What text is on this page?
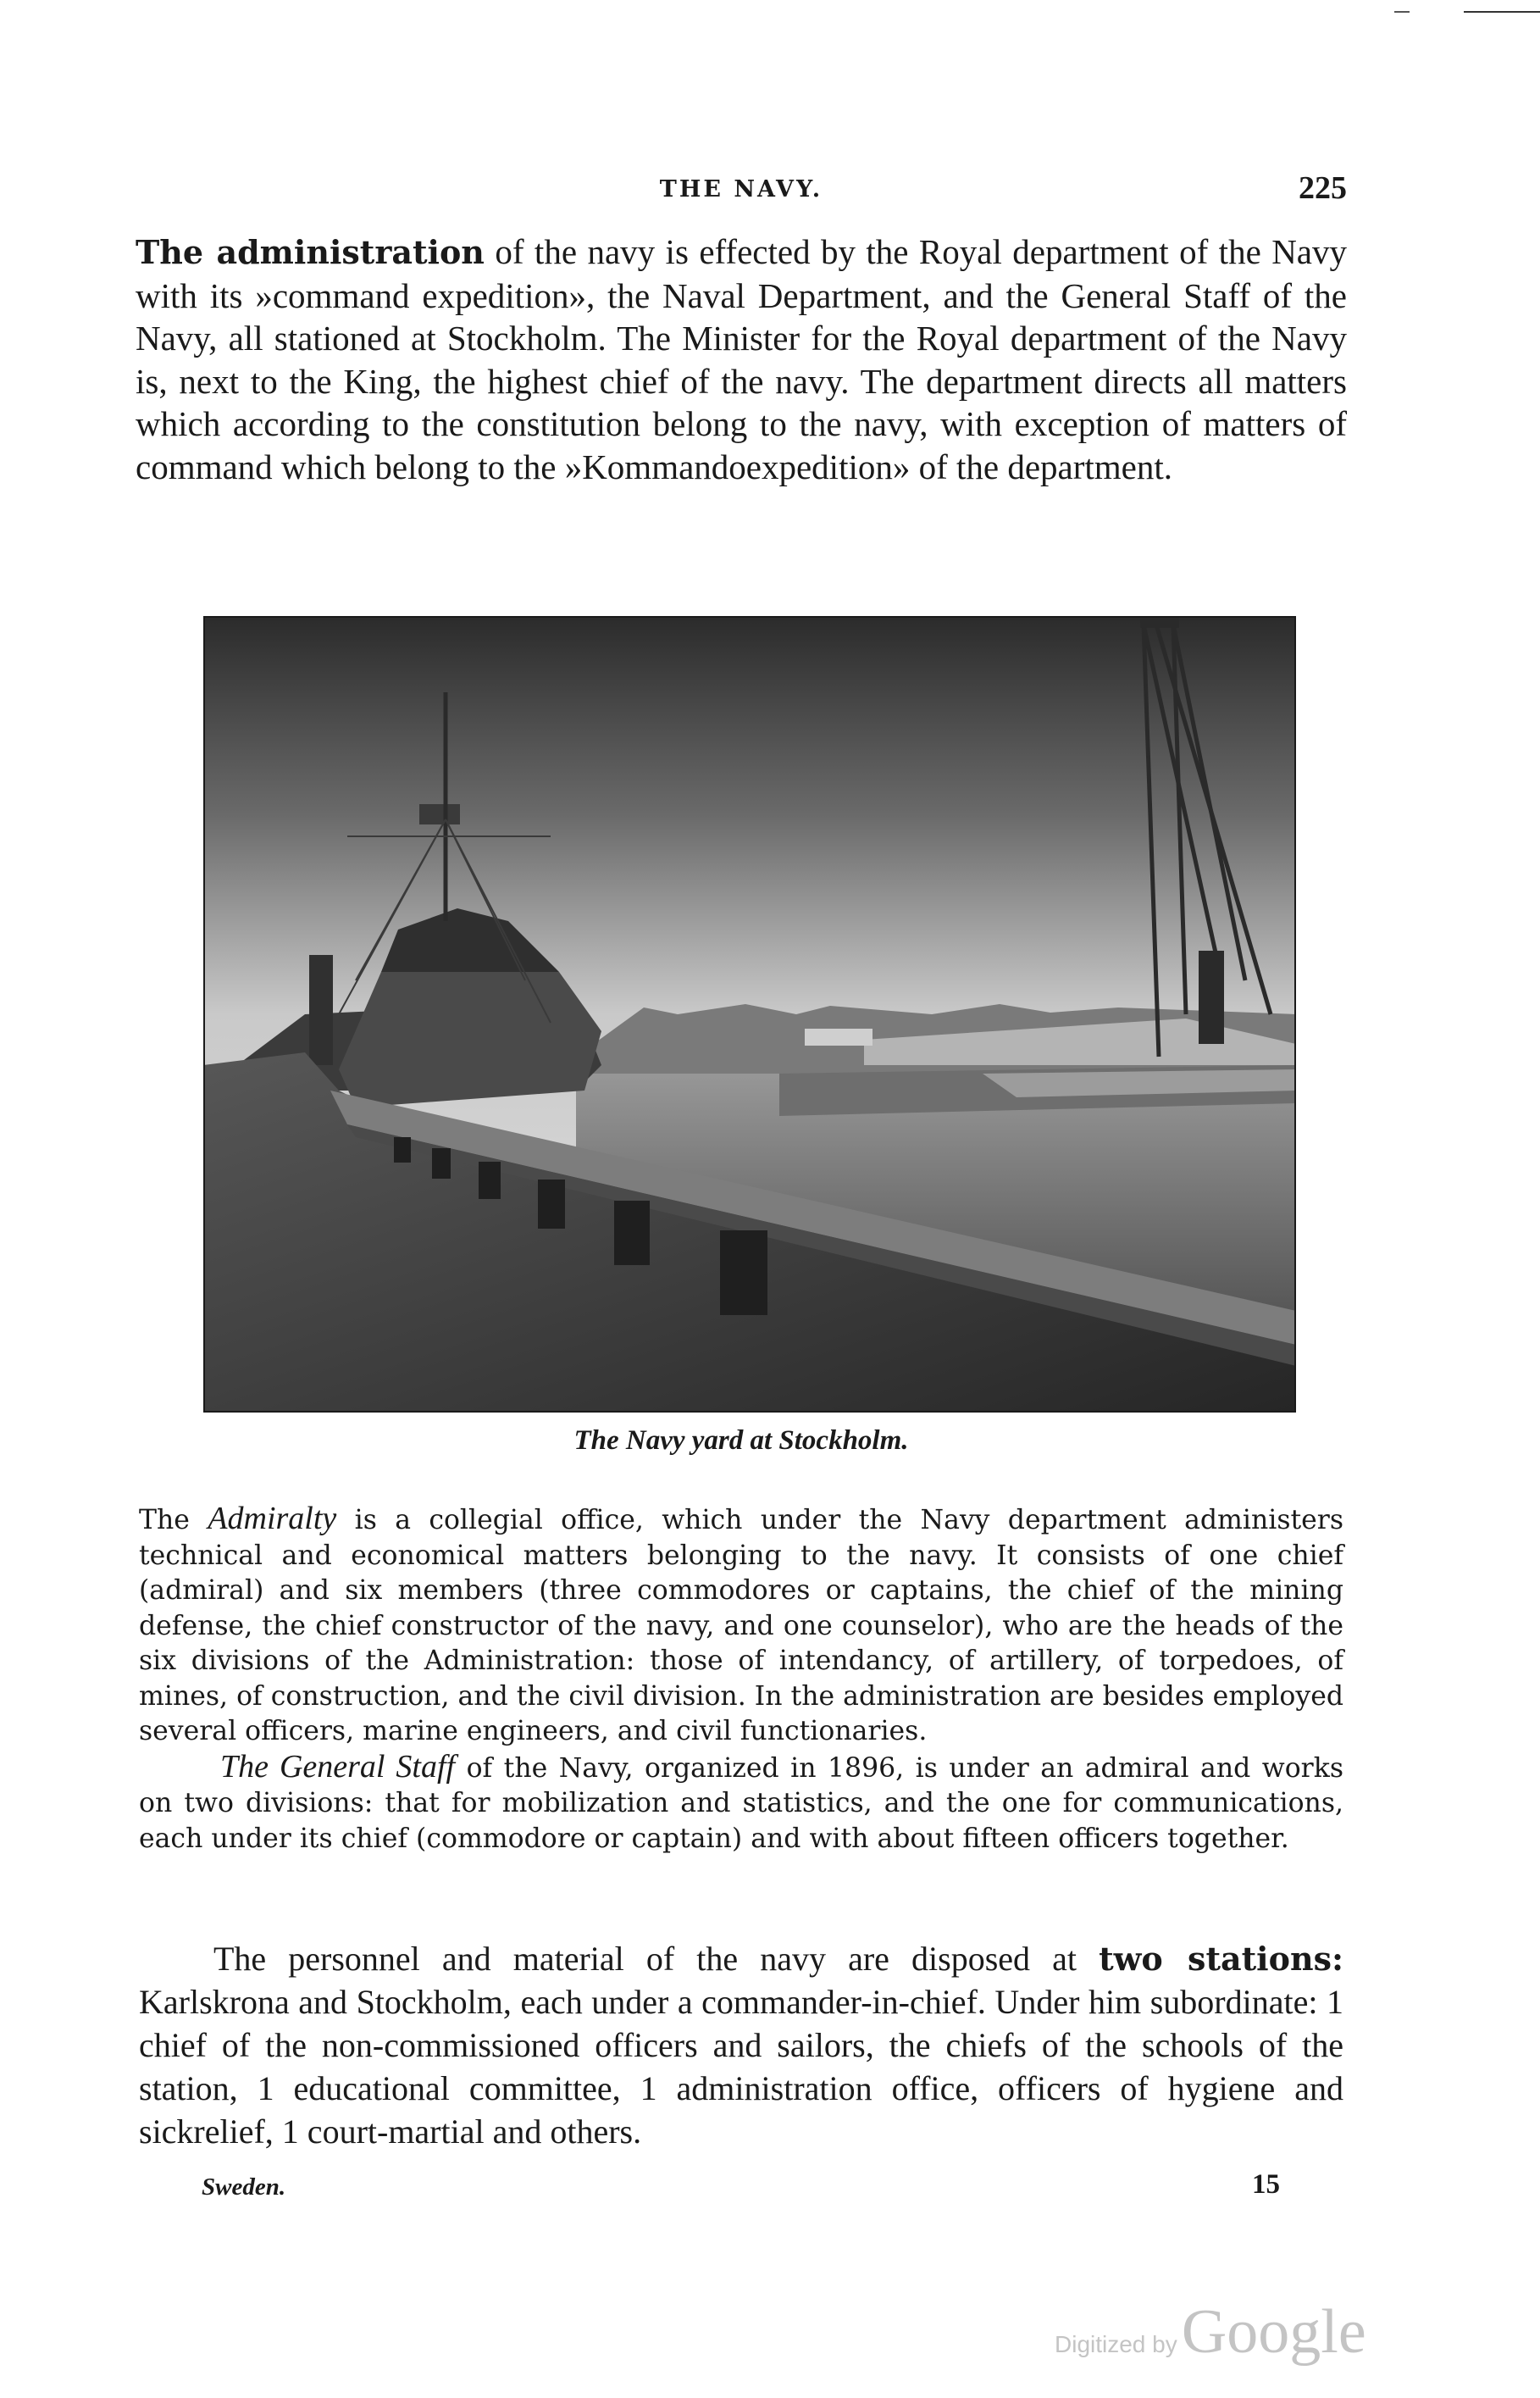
THE NAVY.	225

The administration of the navy is effected by the Royal department of the Navy with its »command expedition», the Naval Department, and the General Staff of the Navy, all stationed at Stockholm. The Minister for the Royal department of the Navy is, next to the King, the highest chief of the navy. The department directs all matters which according to the constitution belong to the navy, with exception of matters of command which belong to the »Kommandoexpedition» of the department.

The Navy yard at Stockholm.

The Admiralty is a collegial office, which under the Navy department administers technical and economical matters belonging to the navy. It consists of one chief (admiral) and six members (three commodores or captains, the chief of the mining defense, the chief constructor of the navy, and one counselor), who are the heads of the six divisions of the Administration: those of intendancy, of artillery, of torpedoes, of mines, of construction, and the civil division. In the administration are besides employed several officers, marine engineers, and civil functionaries.

The General Staff of the Navy, organized in 1896, is under an admiral and works on two divisions: that for mobilization and statistics, and the one for communications, each under its chief (commodore or captain) and with about fifteen officers together.

The personnel and material of the navy are disposed at two stations: Karlskrona and Stockholm, each under a commander-in-chief. Under him subordinate: 1 chief of the non-commissioned officers and sailors, the chiefs of the schools of the station, 1 educational committee, 1 administration office, officers of hygiene and sickrelief, 1 court-martial and others.

Sweden.	15
Digitized by Google
